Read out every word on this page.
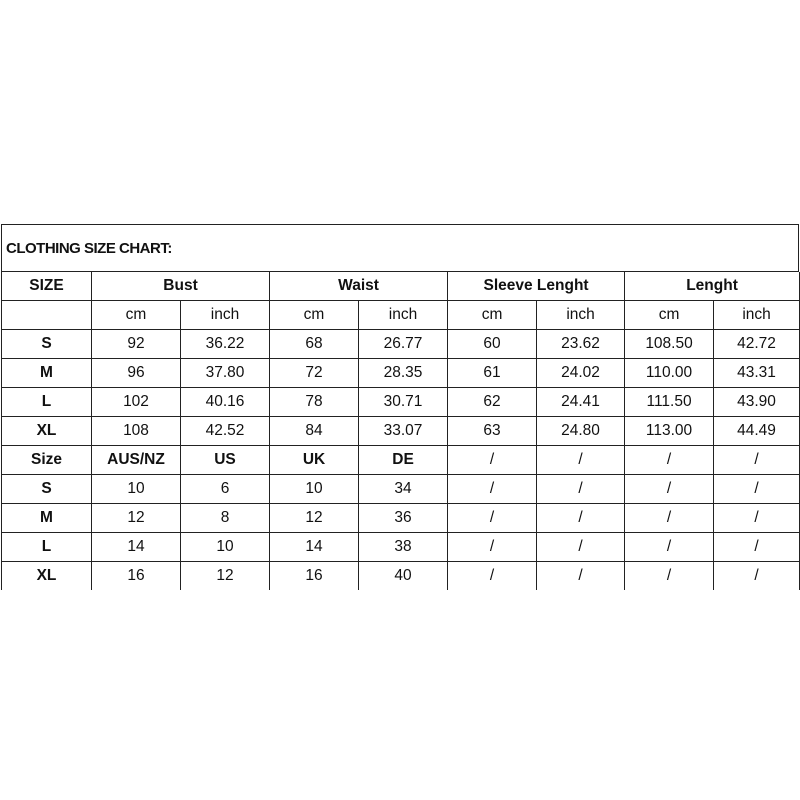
CLOTHING SIZE CHART:
SIZE	Bust		Waist		Sleeve Lenght		Lenght	
	cm	inch	cm	inch	cm	inch	cm	inch
S	92	36.22	68	26.77	60	23.62	108.50	42.72
M	96	37.80	72	28.35	61	24.02	110.00	43.31
L	102	40.16	78	30.71	62	24.41	111.50	43.90
XL	108	42.52	84	33.07	63	24.80	113.00	44.49
Size	AUS/NZ	US	UK	DE	/	/	/	/
S	10	6	10	34	/	/	/	/
M	12	8	12	36	/	/	/	/
L	14	10	14	38	/	/	/	/
XL	16	12	16	40	/	/	/	/
